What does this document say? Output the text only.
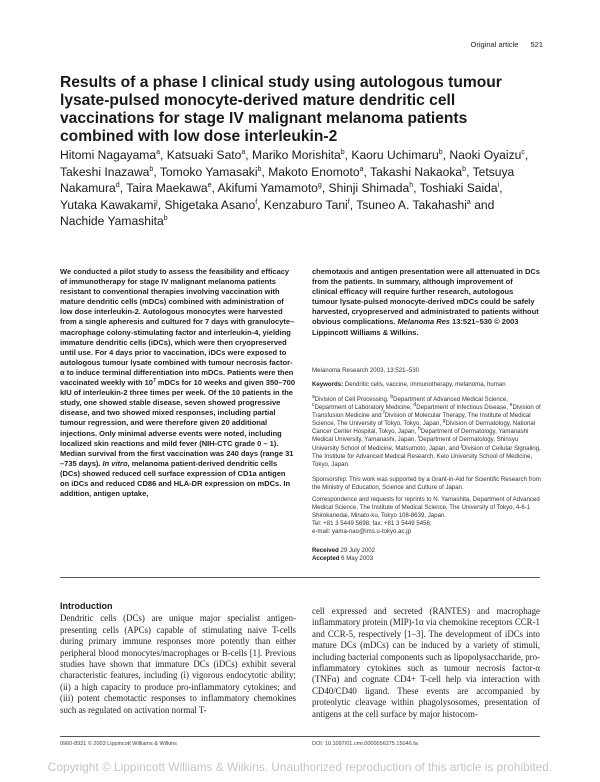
Original article 521
Results of a phase I clinical study using autologous tumour lysate-pulsed monocyte-derived mature dendritic cell vaccinations for stage IV malignant melanoma patients combined with low dose interleukin-2
Hitomi Nagayama$^a$, Katsuaki Sato$^a$, Mariko Morishita$^b$, Kaoru Uchimaru$^b$, Naoki Oyaizu$^c$, Takeshi Inazawa$^b$, Tomoko Yamasaki$^b$, Makoto Enomoto$^a$, Takashi Nakaoka$^b$, Tetsuya Nakamura$^d$, Taira Maekawa$^e$, Akifumi Yamamoto$^g$, Shinji Shimada$^h$, Toshiaki Saida$^i$, Yutaka Kawakami$^j$, Shigetaka Asano$^f$, Kenzaburo Tani$^f$, Tsuneo A. Takahashi$^a$ and Nachide Yamashita$^b$
We conducted a pilot study to assess the feasibility and efficacy of immunotherapy for stage IV malignant melanoma patients resistant to conventional therapies involving vaccination with mature dendritic cells (mDCs) combined with administration of low dose interleukin-2. Autologous monocytes were harvested from a single apheresis and cultured for 7 days with granulocyte–macrophage colony-stimulating factor and interleukin-4, yielding immature dendritic cells (iDCs), which were then cryopreserved until use. For 4 days prior to vaccination, iDCs were exposed to autologous tumour lysate combined with tumour necrosis factor-α to induce terminal differentiation into mDCs. Patients were then vaccinated weekly with $10^7$ mDCs for 10 weeks and given 350–700 kIU of interleukin-2 three times per week. Of the 10 patients in the study, one showed stable disease, seven showed progressive disease, and two showed mixed responses, including partial tumour regression, and were therefore given 20 additional injections. Only minimal adverse events were noted, including localized skin reactions and mild fever (NIH-CTC grade 0 – 1). Median survival from the first vaccination was 240 days (range 31 –735 days). In vitro, melanoma patient-derived dendritic cells (DCs) showed reduced cell surface expression of CD1a antigen on iDCs and reduced CD86 and HLA-DR expression on mDCs. In addition, antigen uptake,
chemotaxis and antigen presentation were all attenuated in DCs from the patients. In summary, although improvement of clinical efficacy will require further research, autologous tumour lysate-pulsed monocyte-derived mDCs could be safely harvested, cryopreserved and administrated to patients without obvious complications. Melanoma Res 13:521–530 © 2003 Lippincott Williams & Wilkins.
Melanoma Research 2003, 13:521–530
Keywords: Dendritic cells, vaccine, immunotherapy, melanoma, human
$^a$Division of Cell Processing, $^b$Department of Advanced Medical Science, $^c$Department of Laboratory Medicine, $^d$Department of Infectious Disease, $^e$Division of Transfusion Medicine and $^f$Division of Molecular Therapy, The Institute of Medical Science, The University of Tokyo, Tokyo, Japan, $^g$Division of Dermatology, National Cancer Center Hospital, Tokyo, Japan, $^h$Department of Dermatology, Yamanashi Medical University, Yamanashi, Japan, $^i$Department of Dermatology, Shinsyu University School of Medicine, Matsumoto, Japan, and $^j$Division of Cellular Signaling, The Institute for Advanced Medical Research, Keio University School of Medicine, Tokyo, Japan.
Sponsorship: This work was supported by a Grant-in-Aid for Scientific Research from the Ministry of Education, Science and Culture of Japan.
Correspondence and requests for reprints to N. Yamashita, Department of Advanced Medical Science, The Institute of Medical Science, The University of Tokyo, 4-6-1 Shirokanedai, Minato-ku, Tokyo 108-8639, Japan.
Tel: +81 3 5449 5698; fax: +81 3 5449 5456;
e-mail: yama-nao@ims.u-tokyo.ac.jp
Received 29 July 2002
Accepted 6 May 2003
Introduction
Dendritic cells (DCs) are unique major specialist antigen-presenting cells (APCs) capable of stimulating naive T-cells during primary immune responses more potently than either peripheral blood monocytes/macrophages or B-cells [1]. Previous studies have shown that immature DCs (iDCs) exhibit several characteristic features, including (i) vigorous endocytotic ability; (ii) a high capacity to produce pro-inflammatory cytokines; and (iii) potent chemotactic responses to inflammatory chemokines such as regulated on activation normal T-
cell expressed and secreted (RANTES) and macrophage inflammatory protein (MIP)-1α via chemokine receptors CCR-1 and CCR-5, respectively [1–3]. The development of iDCs into mature DCs (mDCs) can be induced by a variety of stimuli, including bacterial components such as lipopolysaccharide, pro-inflammatory cytokines such as tumour necrosis factor-α (TNFα) and cognate CD4+ T-cell help via interaction with CD40/CD40 ligand. These events are accompanied by proteolytic cleavage within phagolysosomes, presentation of antigens at the cell surface by major histocom-
0960-8931 © 2003 Lippincott Williams & Wilkins	DOI: 10.1097/01.cmr.0000056275.15046.fa
Copyright © Lippincott Williams & Wilkins. Unauthorized reproduction of this article is prohibited.
